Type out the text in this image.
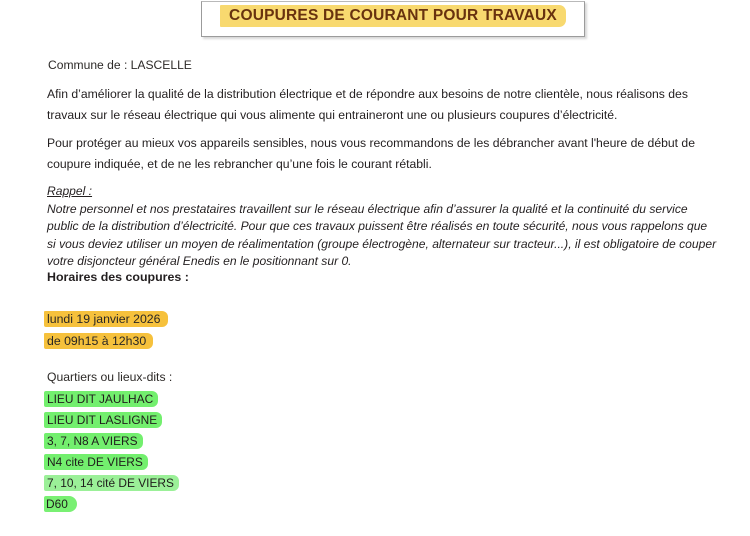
COUPURES DE COURANT POUR TRAVAUX
Commune de : LASCELLE
Afin d’améliorer la qualité de la distribution électrique et de répondre aux besoins de notre clientèle, nous réalisons des travaux sur le réseau électrique qui vous alimente qui entraineront une ou plusieurs coupures d’électricité.
Pour protéger au mieux vos appareils sensibles, nous vous recommandons de les débrancher avant l'heure de début de coupure indiquée, et de ne les rebrancher qu’une fois le courant rétabli.
Rappel :
Notre personnel et nos prestataires travaillent sur le réseau électrique afin d’assurer la qualité et la continuité du service public de la distribution d’électricité. Pour que ces travaux puissent être réalisés en toute sécurité, nous vous rappelons que si vous deviez utiliser un moyen de réalimentation (groupe électrogène, alternateur sur tracteur...), il est obligatoire de couper votre disjoncteur général Enedis en le positionnant sur 0.
Horaires des coupures :

lundi 19 janvier 2026

de 09h15 à 12h30

Quartiers ou lieux-dits :
LIEU DIT JAULHAC
LIEU DIT LASLIGNE
3, 7, N8 A VIERS
N4 cite DE VIERS
7, 10, 14 cité DE VIERS
D60
